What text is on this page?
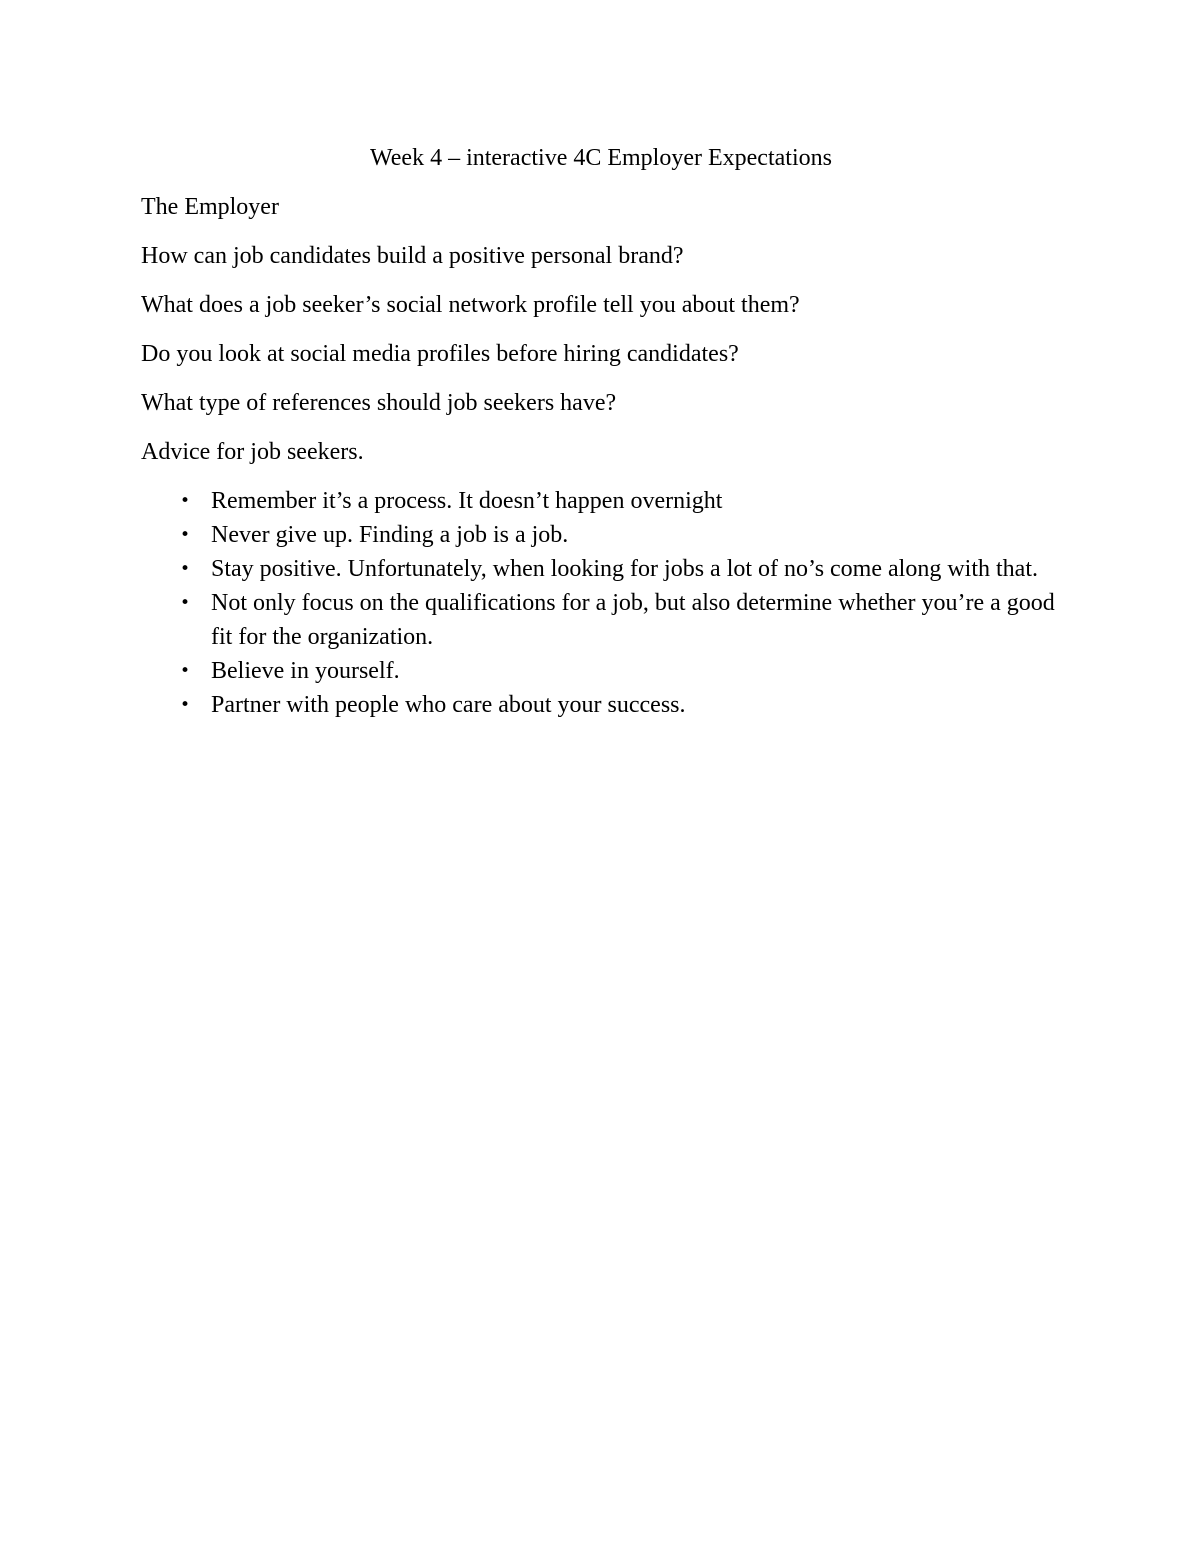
Week 4 – interactive 4C Employer Expectations

The Employer

How can job candidates build a positive personal brand?

What does a job seeker’s social network profile tell you about them?

Do you look at social media profiles before hiring candidates?

What type of references should job seekers have?

Advice for job seekers.

• Remember it’s a process. It doesn’t happen overnight
• Never give up. Finding a job is a job.
• Stay positive. Unfortunately, when looking for jobs a lot of no’s come along with that.
• Not only focus on the qualifications for a job, but also determine whether you’re a good fit for the organization.
• Believe in yourself.
• Partner with people who care about your success.
